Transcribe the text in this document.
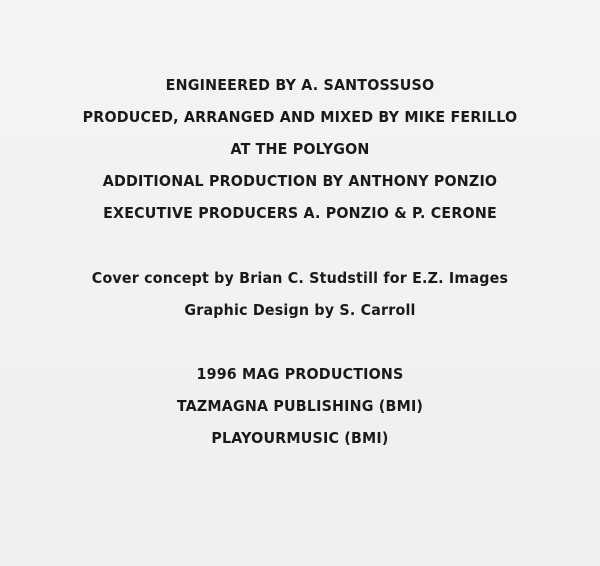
ENGINEERED BY A. SANTOSSUSO
PRODUCED, ARRANGED AND MIXED BY MIKE FERILLO
AT THE POLYGON
ADDITIONAL PRODUCTION BY ANTHONY PONZIO
EXECUTIVE PRODUCERS A. PONZIO & P. CERONE
Cover concept by Brian C. Studstill for E.Z. Images
Graphic Design by S. Carroll
1996 MAG PRODUCTIONS
TAZMAGNA PUBLISHING (BMI)
PLAYOURMUSIC (BMI)
